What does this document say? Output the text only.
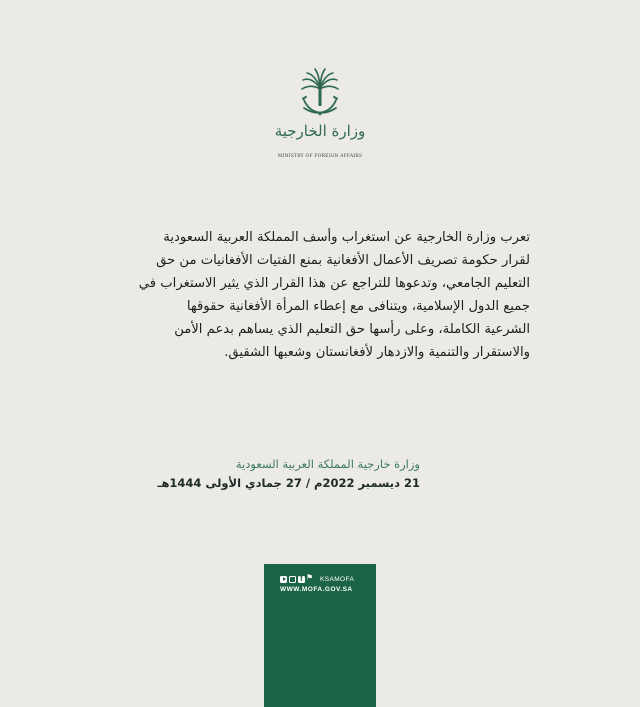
وزارة الخارجية
MINISTRY OF FOREIGN AFFAIRS
تعرب وزارة الخارجية عن استغراب وأسف المملكة العربية السعودية
لقرار حكومة تصريف الأعمال الأفغانية بمنع الفتيات الأفغانيات من حق
التعليم الجامعي، وتدعوها للتراجع عن هذا القرار الذي يثير الاستغراب في
جميع الدول الإسلامية، ويتنافى مع إعطاء المرأة الأفغانية حقوقها
الشرعية الكاملة، وعلى رأسها حق التعليم الذي يساهم بدعم الأمن
والاستقرار والتنمية والازدهار لأفغانستان وشعبها الشقيق.
وزارة خارجية المملكة العربية السعودية
21 ديسمبر 2022م / 27 جمادي الأولى 1444هـ
f
⚑
KSAMOFA
WWW.MOFA.GOV.SA
